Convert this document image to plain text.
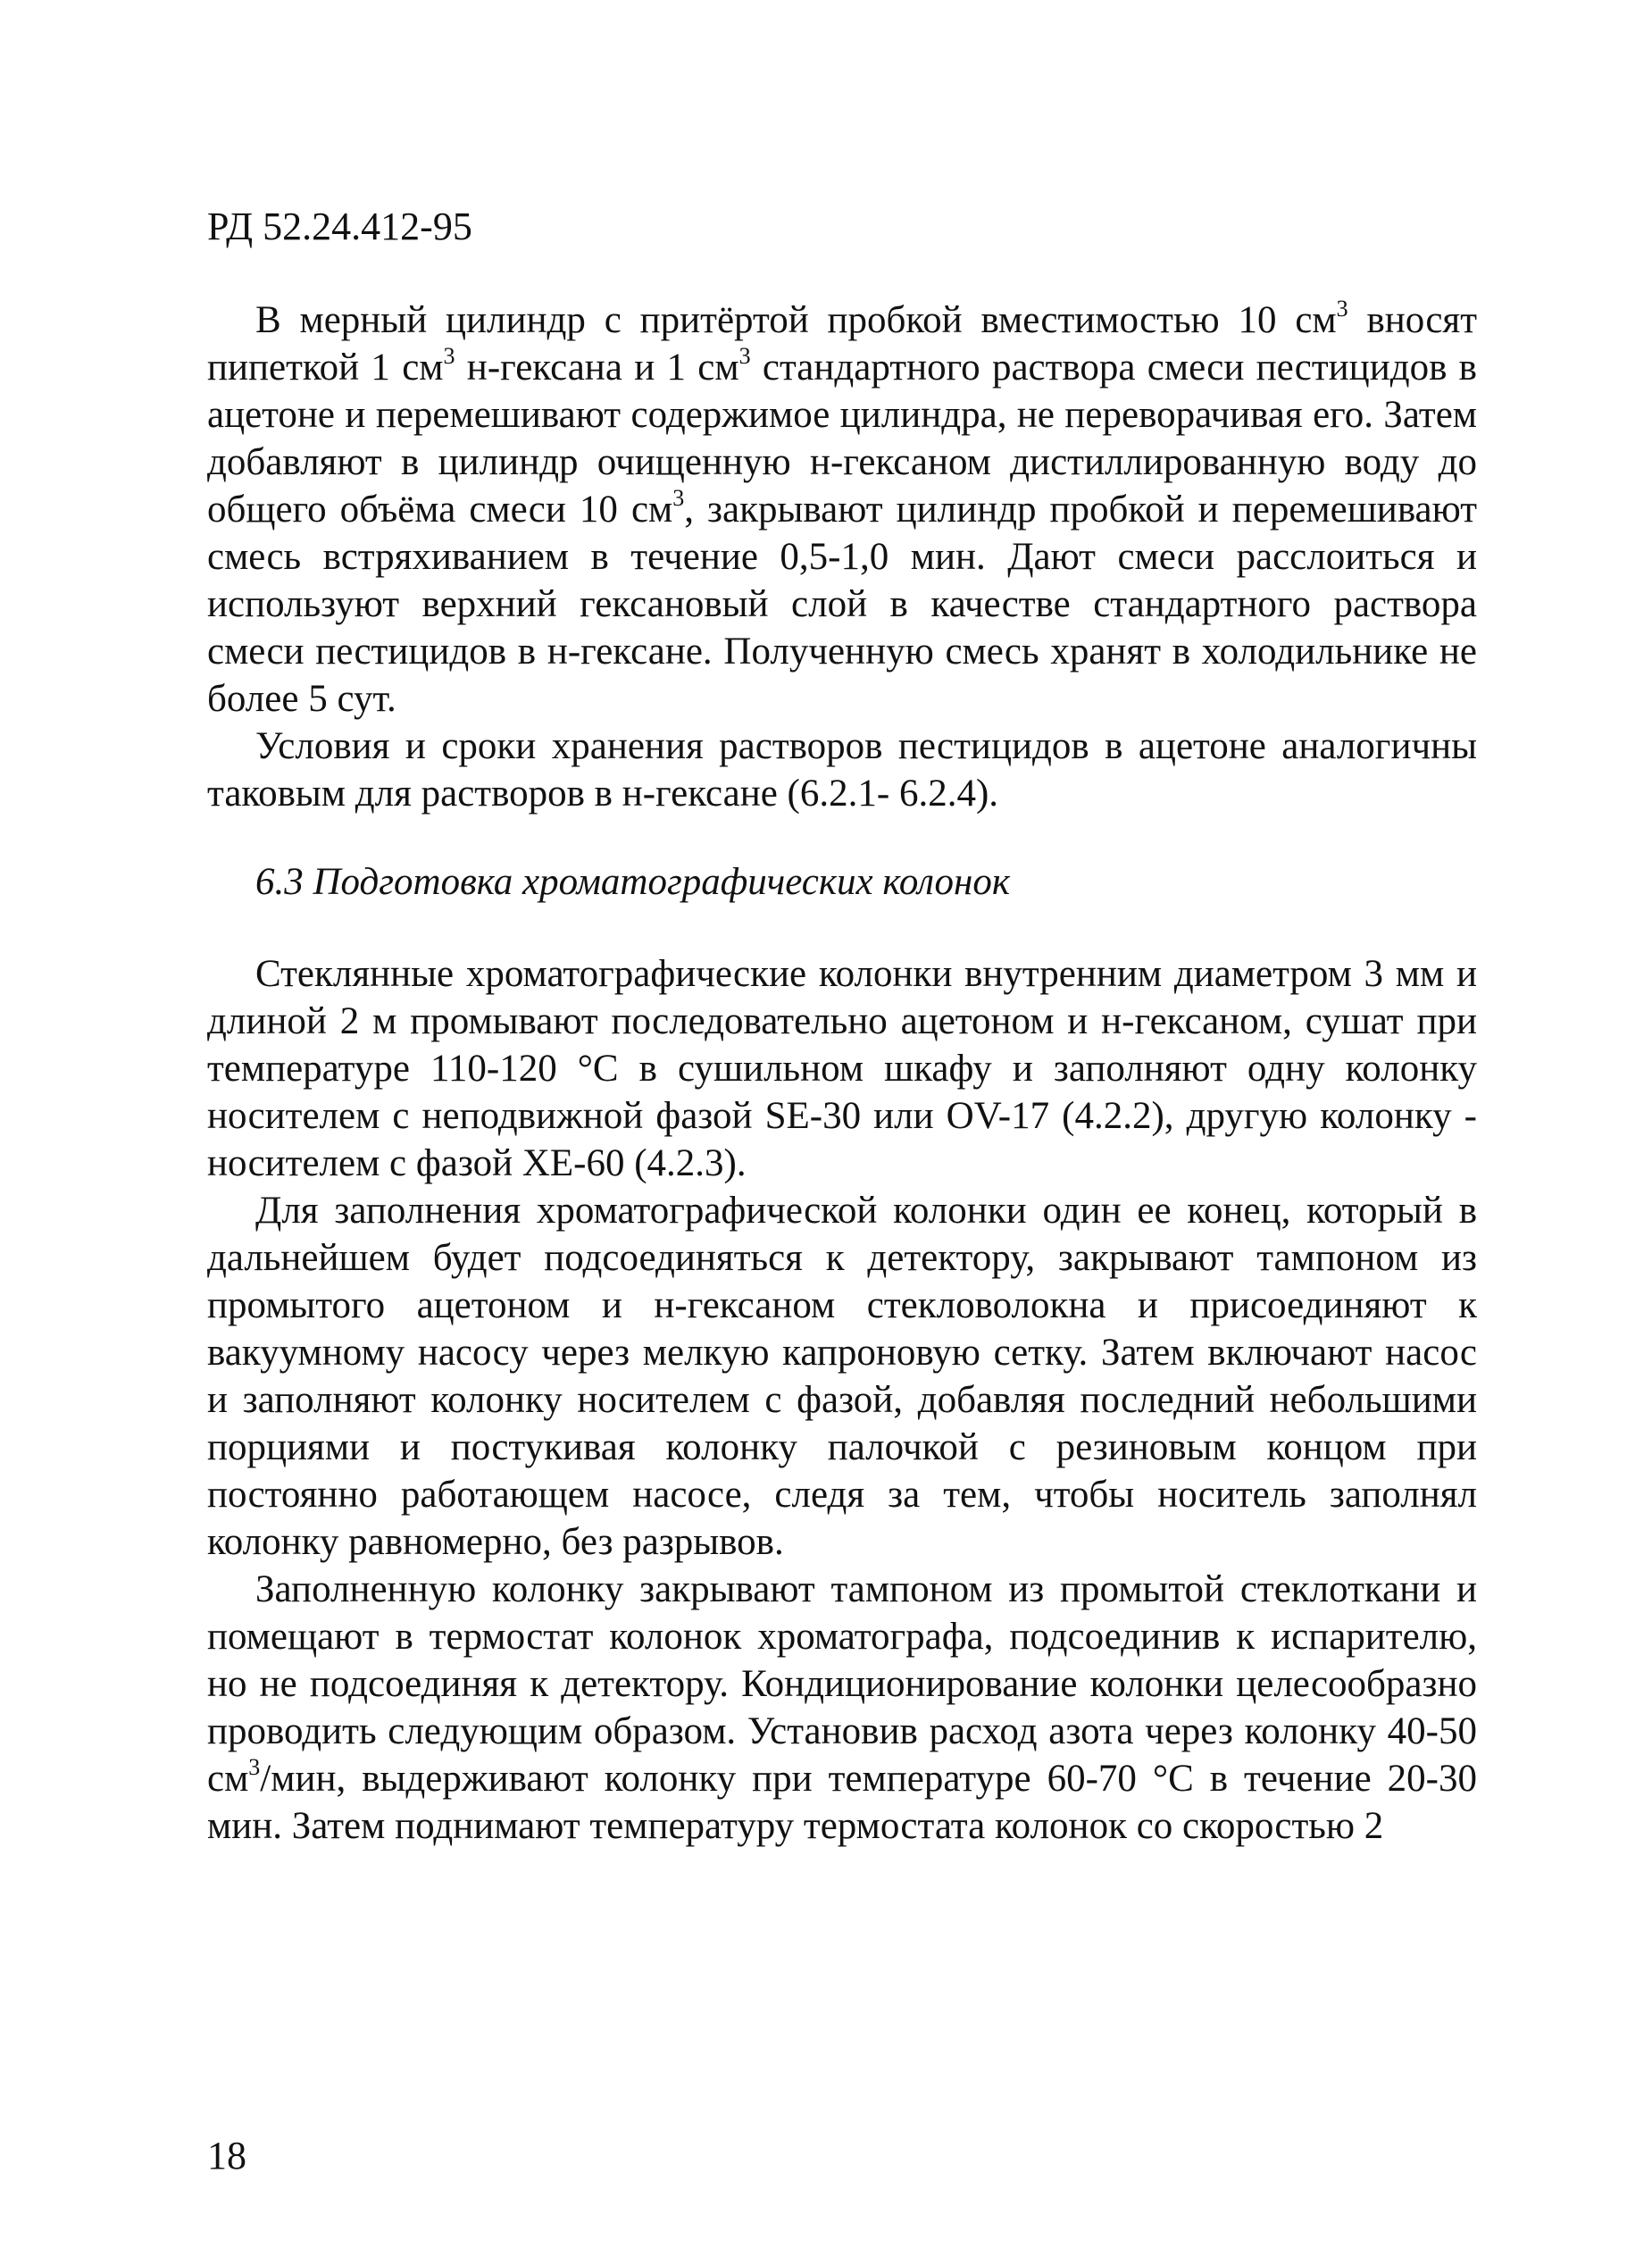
РД 52.24.412-95

В мерный цилиндр с притёртой пробкой вместимостью 10 $см^3$ вносят пипеткой 1 $см^3$ н-гексана и 1 $см^3$ стандартного раствора смеси пестицидов в ацетоне и перемешивают содержимое цилиндра, не переворачивая его. Затем добавляют в цилиндр очищенную н-гексаном дистиллированную воду до общего объёма смеси 10 $см^3$, закрывают цилиндр пробкой и перемешивают смесь встряхиванием в течение 0,5-1,0 мин. Дают смеси расслоиться и используют верхний гексановый слой в качестве стандартного раствора смеси пестицидов в н-гексане. Полученную смесь хранят в холодильнике не более 5 сут.

Условия и сроки хранения растворов пестицидов в ацетоне аналогичны таковым для растворов в н-гексане (6.2.1- 6.2.4).

6.3 Подготовка хроматографических колонок

Стеклянные хроматографические колонки внутренним диаметром 3 мм и длиной 2 м промывают последовательно ацетоном и н-гексаном, сушат при температуре 110-120 °С в сушильном шкафу и заполняют одну колонку носителем с неподвижной фазой SE-30 или OV-17 (4.2.2), другую колонку - носителем с фазой ХЕ-60 (4.2.3).

Для заполнения хроматографической колонки один ее конец, который в дальнейшем будет подсоединяться к детектору, закрывают тампоном из промытого ацетоном и н-гексаном стекловолокна и присоединяют к вакуумному насосу через мелкую капроновую сетку. Затем включают насос и заполняют колонку носителем с фазой, добавляя последний небольшими порциями и постукивая колонку палочкой с резиновым концом при постоянно работающем насосе, следя за тем, чтобы носитель заполнял колонку равномерно, без разрывов.

Заполненную колонку закрывают тампоном из промытой стеклоткани и помещают в термостат колонок хроматографа, подсоединив к испарителю, но не подсоединяя к детектору. Кондиционирование колонки целесообразно проводить следующим образом. Установив расход азота через колонку 40-50 $см^3$/мин, выдерживают колонку при температуре 60-70 °С в течение 20-30 мин. Затем поднимают температуру термостата колонок со скоростью 2

18
